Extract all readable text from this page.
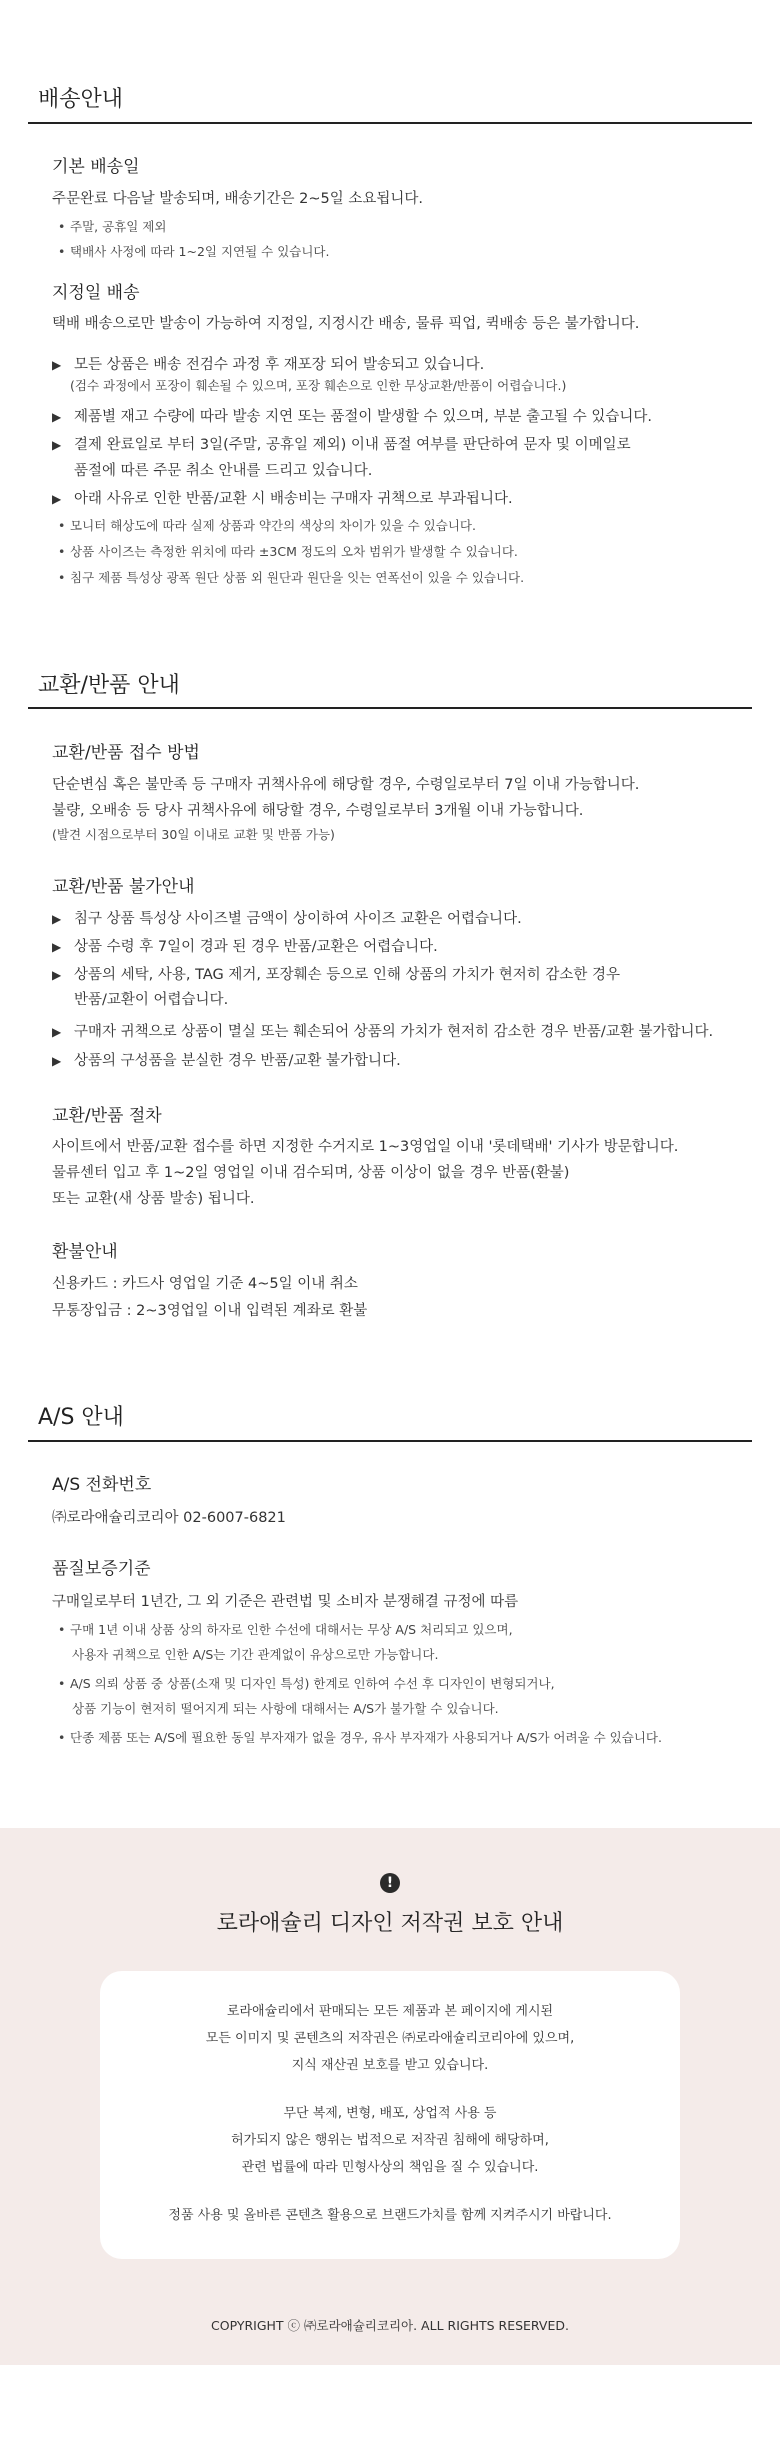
배송안내
기본 배송일
주문완료 다음날 발송되며, 배송기간은 2~5일 소요됩니다.
• 주말, 공휴일 제외
• 택배사 사정에 따라 1~2일 지연될 수 있습니다.
지정일 배송
택배 배송으로만 발송이 가능하여 지정일, 지정시간 배송, 물류 픽업, 퀵배송 등은 불가합니다.
▶ 모든 상품은 배송 전검수 과정 후 재포장 되어 발송되고 있습니다.
(검수 과정에서 포장이 훼손될 수 있으며, 포장 훼손으로 인한 무상교환/반품이 어렵습니다.)
▶ 제품별 재고 수량에 따라 발송 지연 또는 품절이 발생할 수 있으며, 부분 출고될 수 있습니다.
▶ 결제 완료일로 부터 3일(주말, 공휴일 제외) 이내 품절 여부를 판단하여 문자 및 이메일로
품절에 따른 주문 취소 안내를 드리고 있습니다.
▶ 아래 사유로 인한 반품/교환 시 배송비는 구매자 귀책으로 부과됩니다.
• 모니터 해상도에 따라 실제 상품과 약간의 색상의 차이가 있을 수 있습니다.
• 상품 사이즈는 측정한 위치에 따라 ±3CM 정도의 오차 범위가 발생할 수 있습니다.
• 침구 제품 특성상 광폭 원단 상품 외 원단과 원단을 잇는 연폭선이 있을 수 있습니다.
교환/반품 안내
교환/반품 접수 방법
단순변심 혹은 불만족 등 구매자 귀책사유에 해당할 경우, 수령일로부터 7일 이내 가능합니다.
불량, 오배송 등 당사 귀책사유에 해당할 경우, 수령일로부터 3개월 이내 가능합니다.
(발견 시점으로부터 30일 이내로 교환 및 반품 가능)
교환/반품 불가안내
▶ 침구 상품 특성상 사이즈별 금액이 상이하여 사이즈 교환은 어렵습니다.
▶ 상품 수령 후 7일이 경과 된 경우 반품/교환은 어렵습니다.
▶ 상품의 세탁, 사용, TAG 제거, 포장훼손 등으로 인해 상품의 가치가 현저히 감소한 경우
반품/교환이 어렵습니다.
▶ 구매자 귀책으로 상품이 멸실 또는 훼손되어 상품의 가치가 현저히 감소한 경우 반품/교환 불가합니다.
▶ 상품의 구성품을 분실한 경우 반품/교환 불가합니다.
교환/반품 절차
사이트에서 반품/교환 접수를 하면 지정한 수거지로 1~3영업일 이내 '롯데택배' 기사가 방문합니다.
물류센터 입고 후 1~2일 영업일 이내 검수되며, 상품 이상이 없을 경우 반품(환불)
또는 교환(새 상품 발송) 됩니다.
환불안내
신용카드 : 카드사 영업일 기준 4~5일 이내 취소
무통장입금 : 2~3영업일 이내 입력된 계좌로 환불
A/S 안내
A/S 전화번호
㈜로라애슐리코리아 02-6007-6821
품질보증기준
구매일로부터 1년간, 그 외 기준은 관련법 및 소비자 분쟁해결 규정에 따름
• 구매 1년 이내 상품 상의 하자로 인한 수선에 대해서는 무상 A/S 처리되고 있으며,
사용자 귀책으로 인한 A/S는 기간 관계없이 유상으로만 가능합니다.
• A/S 의뢰 상품 중 상품(소재 및 디자인 특성) 한계로 인하여 수선 후 디자인이 변형되거나,
상품 기능이 현저히 떨어지게 되는 사항에 대해서는 A/S가 불가할 수 있습니다.
• 단종 제품 또는 A/S에 필요한 동일 부자재가 없을 경우, 유사 부자재가 사용되거나 A/S가 어려울 수 있습니다.
!
로라애슐리 디자인 저작권 보호 안내
로라애슐리에서 판매되는 모든 제품과 본 페이지에 게시된
모든 이미지 및 콘텐츠의 저작권은 ㈜로라애슐리코리아에 있으며,
지식 재산권 보호를 받고 있습니다.
무단 복제, 변형, 배포, 상업적 사용 등
허가되지 않은 행위는 법적으로 저작권 침해에 해당하며,
관련 법률에 따라 민형사상의 책임을 질 수 있습니다.
정품 사용 및 올바른 콘텐츠 활용으로 브랜드가치를 함께 지켜주시기 바랍니다.
COPYRIGHT ⓒ ㈜로라애슐리코리아. ALL RIGHTS RESERVED.
